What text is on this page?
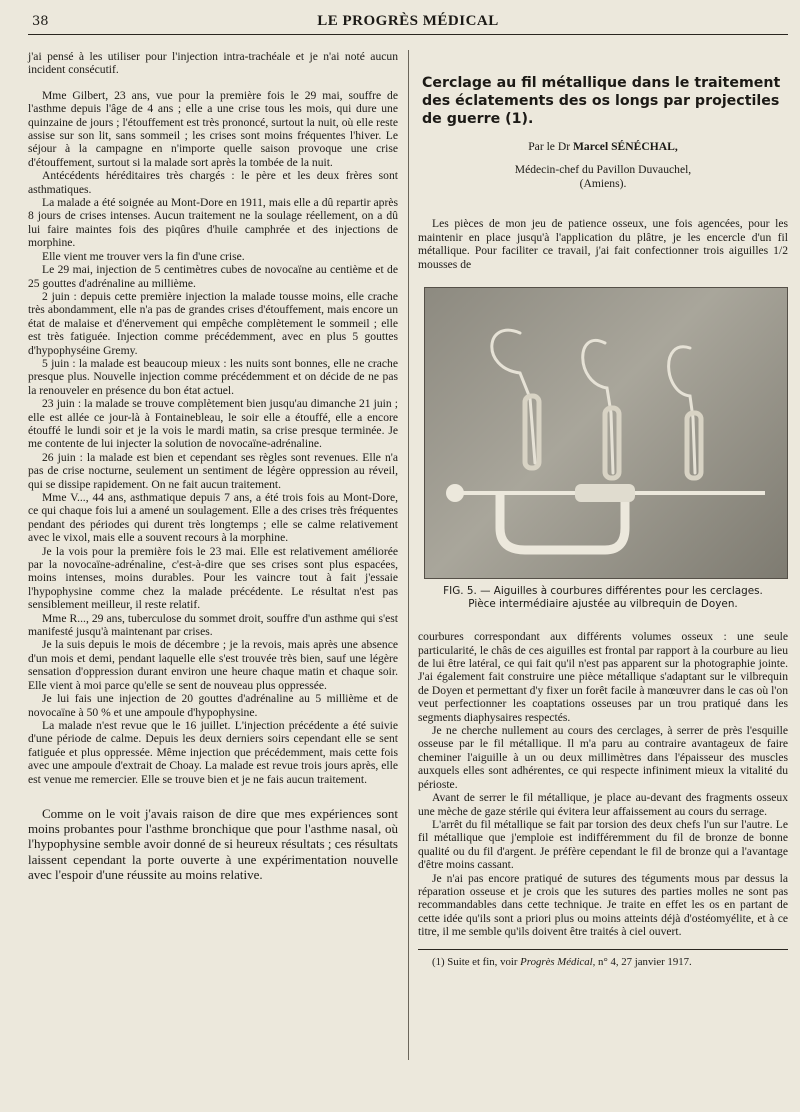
38	LE PROGRÈS MÉDICAL

j'ai pensé à les utiliser pour l'injection intra-trachéale et je n'ai noté aucun incident consécutif.

Mme Gilbert, 23 ans, vue pour la première fois le 29 mai, souffre de l'asthme depuis l'âge de 4 ans ; elle a une crise tous les mois, qui dure une quinzaine de jours ; l'étouffement est très prononcé, surtout la nuit, où elle reste assise sur son lit, sans sommeil ; les crises sont moins fréquentes l'hiver. Le séjour à la campagne en n'importe quelle saison provoque une crise d'étouffement, surtout si la malade sort après la tombée de la nuit.

Antécédents héréditaires très chargés : le père et les deux frères sont asthmatiques.

La malade a été soignée au Mont-Dore en 1911, mais elle a dû repartir après 8 jours de crises intenses. Aucun traitement ne la soulage réellement, on a dû lui faire maintes fois des piqûres d'huile camphrée et des injections de morphine.

Elle vient me trouver vers la fin d'une crise.

Le 29 mai, injection de 5 centimètres cubes de novocaïne au centième et de 25 gouttes d'adrénaline au millième.

2 juin : depuis cette première injection la malade tousse moins, elle crache très abondamment, elle n'a pas de grandes crises d'étouffement, mais encore un état de malaise et d'énervement qui empêche complètement le sommeil ; elle est très fatiguée. Injection comme précédemment, avec en plus 5 gouttes d'hypophyséine Gremy.

5 juin : la malade est beaucoup mieux : les nuits sont bonnes, elle ne crache presque plus. Nouvelle injection comme précédemment et on décide de ne pas la renouveler en présence du bon état actuel.

23 juin : la malade se trouve complètement bien jusqu'au dimanche 21 juin ; elle est allée ce jour-là à Fontainebleau, le soir elle a étouffé, elle a encore étouffé le lundi soir et je la vois le mardi matin, sa crise presque terminée. Je me contente de lui injecter la solution de novocaïne-adrénaline.

26 juin : la malade est bien et cependant ses règles sont revenues. Elle n'a pas de crise nocturne, seulement un sentiment de légère oppression au réveil, qui se dissipe rapidement. On ne fait aucun traitement.

Mme V..., 44 ans, asthmatique depuis 7 ans, a été trois fois au Mont-Dore, ce qui chaque fois lui a amené un soulagement. Elle a des crises très fréquentes pendant des périodes qui durent très longtemps ; elle se calme relativement avec le vixol, mais elle a souvent recours à la morphine.

Je la vois pour la première fois le 23 mai. Elle est relativement améliorée par la novocaïne-adrénaline, c'est-à-dire que ses crises sont plus espacées, moins intenses, moins durables. Pour les vaincre tout à fait j'essaie l'hypophysine comme chez la malade précédente. Le résultat n'est pas sensiblement meilleur, il reste relatif.

Mme R..., 29 ans, tuberculose du sommet droit, souffre d'un asthme qui s'est manifesté jusqu'à maintenant par crises.

Je la suis depuis le mois de décembre ; je la revois, mais après une absence d'un mois et demi, pendant laquelle elle s'est trouvée très bien, sauf une légère sensation d'oppression durant environ une heure chaque matin et chaque soir. Elle vient à moi parce qu'elle se sent de nouveau plus oppressée.

Je lui fais une injection de 20 gouttes d'adrénaline au 5 millième et de novocaïne à 50 % et une ampoule d'hypophysine.

La malade n'est revue que le 16 juillet. L'injection précédente a été suivie d'une période de calme. Depuis les deux derniers soirs cependant elle se sent fatiguée et plus oppressée. Même injection que précédemment, mais cette fois avec une ampoule d'extrait de Choay. La malade est revue trois jours après, elle est venue me remercier. Elle se trouve bien et je ne fais aucun traitement.

Comme on le voit j'avais raison de dire que mes expériences sont moins probantes pour l'asthme bronchique que pour l'asthme nasal, où l'hypophysine semble avoir donné de si heureux résultats ; ces résultats laissent cependant la porte ouverte à une expérimentation nouvelle avec l'espoir d'une réussite au moins relative.

Cerclage au fil métallique dans le traitement des éclatements des os longs par projectiles de guerre (1).
Par le Dr Marcel SÉNÉCHAL,
Médecin-chef du Pavillon Duvauchel,
(Amiens).

Les pièces de mon jeu de patience osseux, une fois agencées, pour les maintenir en place jusqu'à l'application du plâtre, je les encercle d'un fil métallique. Pour faciliter ce travail, j'ai fait confectionner trois aiguilles 1/2 mousses de

FIG. 5. — Aiguilles à courbures différentes pour les cerclages.
Pièce intermédiaire ajustée au vilbrequin de Doyen.

courbures correspondant aux différents volumes osseux : une seule particularité, le châs de ces aiguilles est frontal par rapport à la courbure au lieu de lui être latéral, ce qui fait qu'il n'est pas apparent sur la photographie jointe. J'ai également fait construire une pièce métallique s'adaptant sur le vilbrequin de Doyen et permettant d'y fixer un forêt facile à manœuvrer dans le cas où l'on veut perfectionner les coaptations osseuses par un trou pratiqué dans les segments diaphysaires respectés.

Je ne cherche nullement au cours des cerclages, à serrer de près l'esquille osseuse par le fil métallique. Il m'a paru au contraire avantageux de faire cheminer l'aiguille à un ou deux millimètres dans l'épaisseur des muscles auxquels elles sont adhérentes, ce qui respecte infiniment mieux la vitalité du périoste.

Avant de serrer le fil métallique, je place au-devant des fragments osseux une mèche de gaze stérile qui évitera leur affaissement au cours du serrage.

L'arrêt du fil métallique se fait par torsion des deux chefs l'un sur l'autre. Le fil métallique que j'emploie est indifféremment du fil de bronze de bonne qualité ou du fil d'argent. Je préfère cependant le fil de bronze qui a l'avantage d'être moins cassant.

Je n'ai pas encore pratiqué de sutures des téguments mous par dessus la réparation osseuse et je crois que les sutures des parties molles ne sont pas recommandables dans cette technique. Je traite en effet les os en partant de cette idée qu'ils sont a priori plus ou moins atteints déjà d'ostéomyélite, et à ce titre, il me semble qu'ils doivent être traités à ciel ouvert.

(1) Suite et fin, voir Progrès Médical, n° 4, 27 janvier 1917.
